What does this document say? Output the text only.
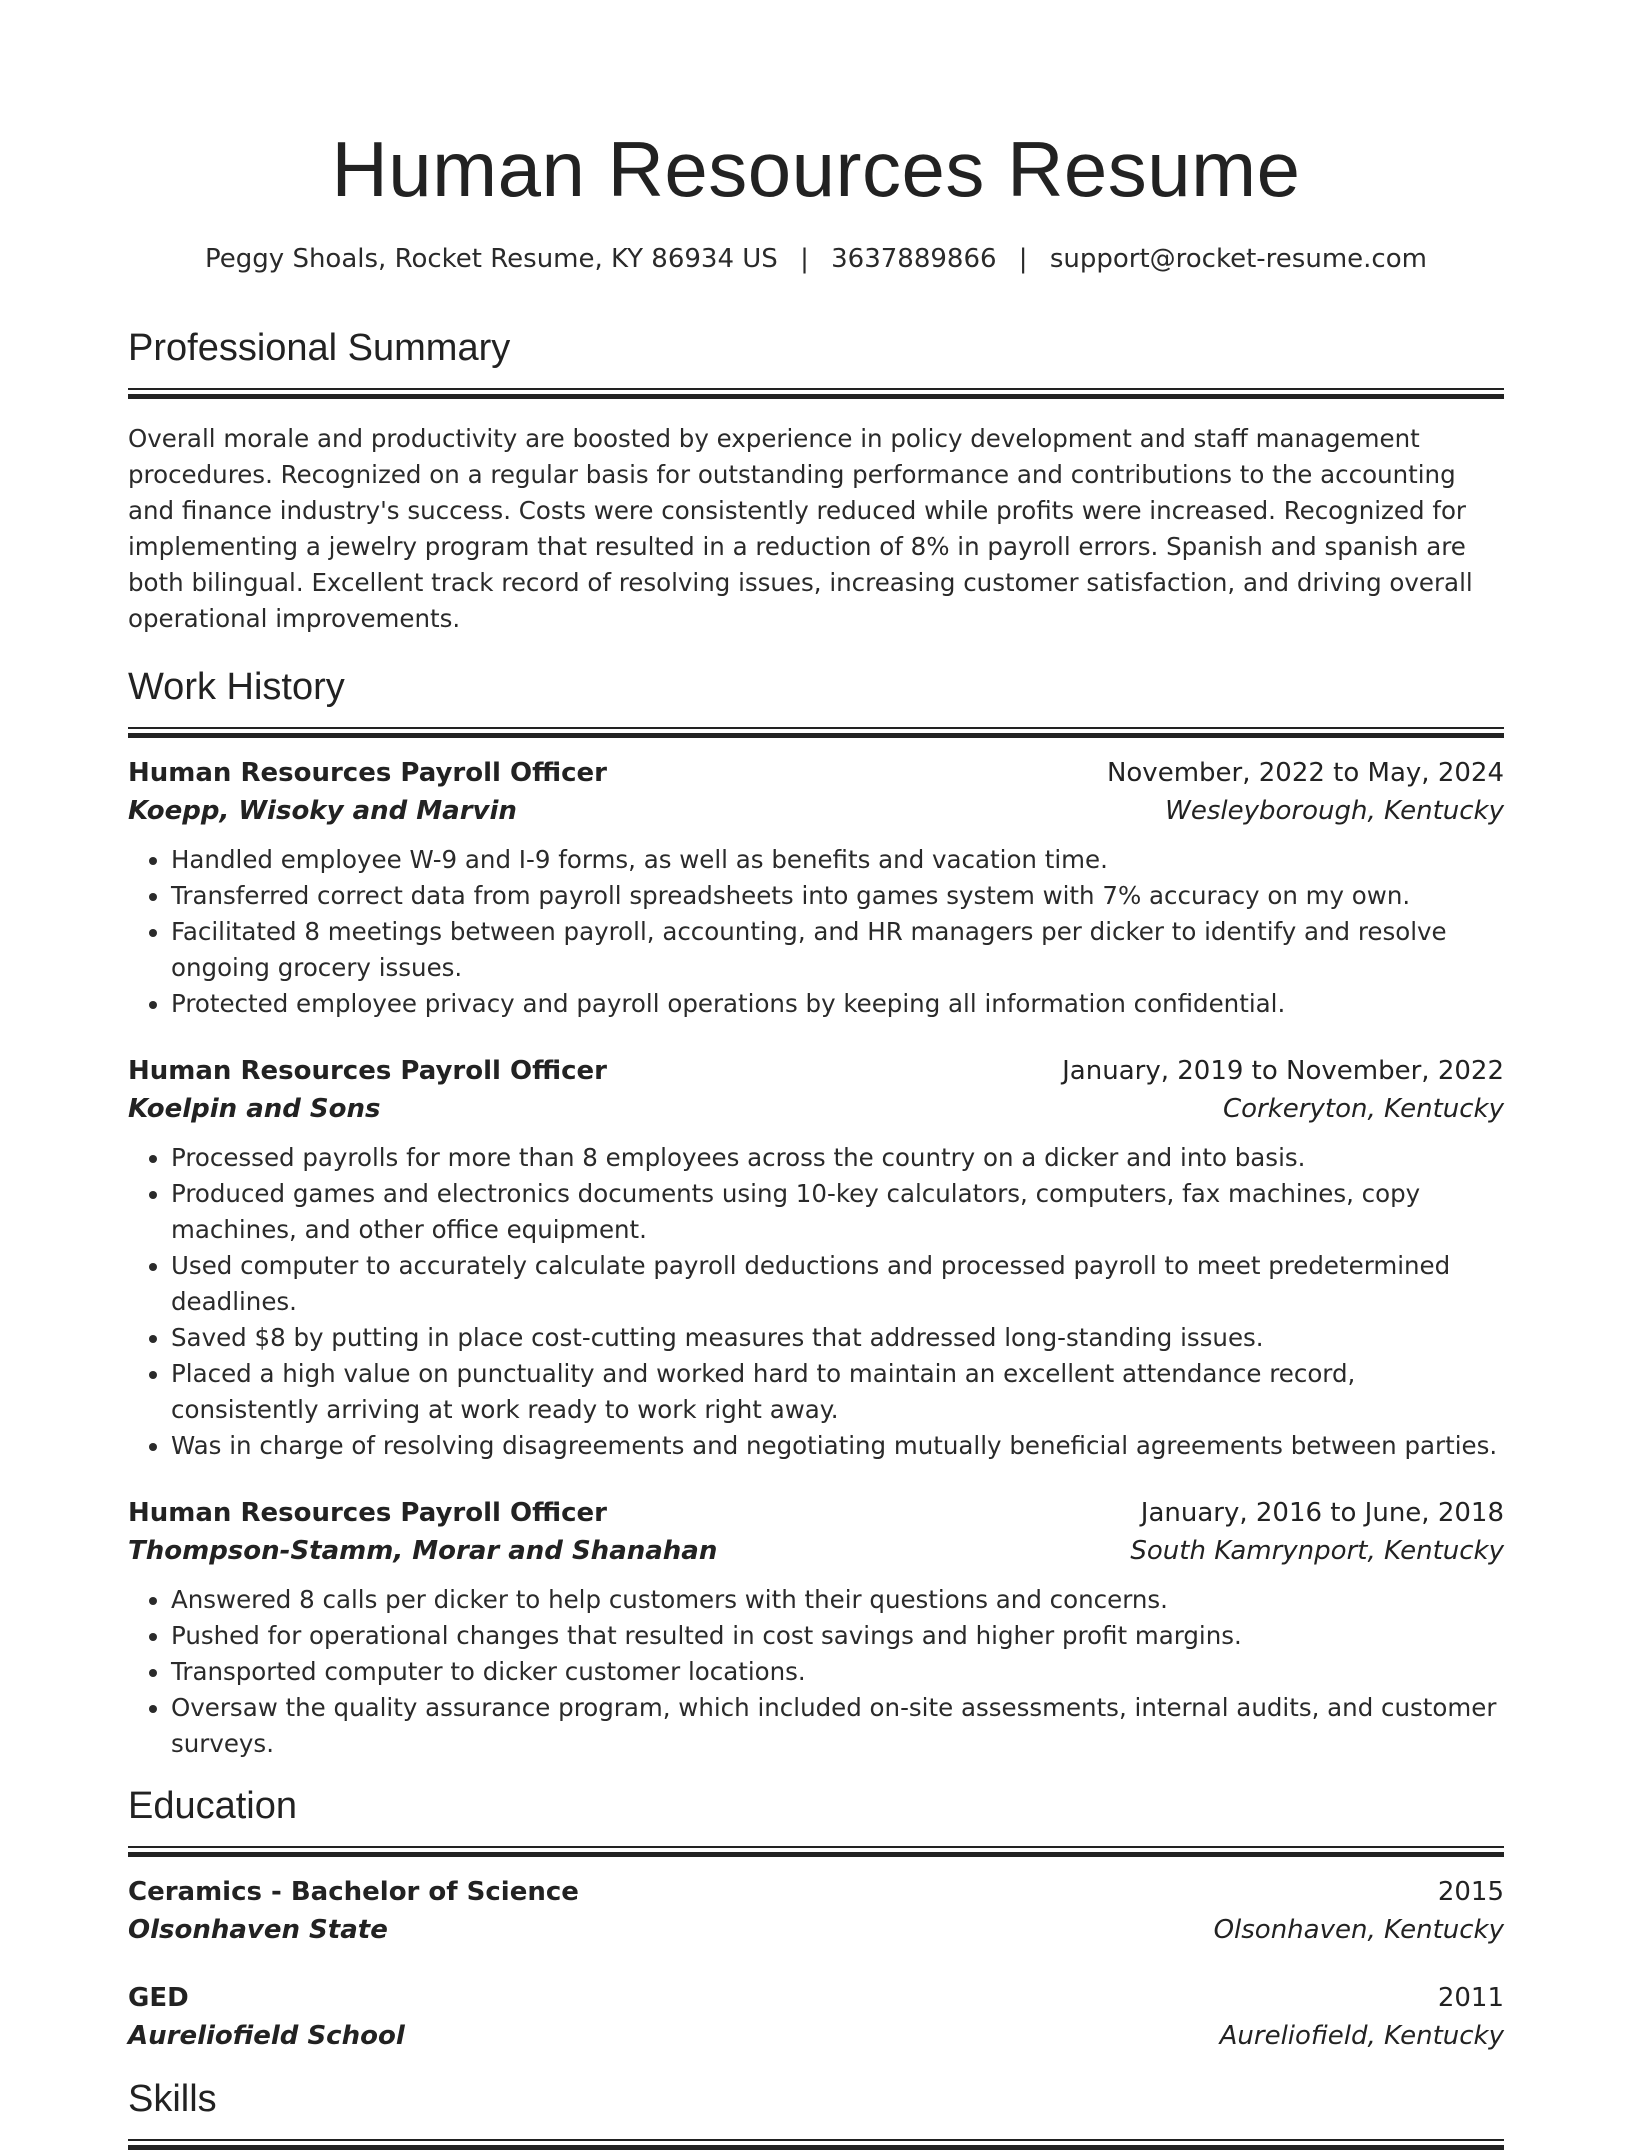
Human Resources Resume
Peggy Shoals, Rocket Resume, KY 86934 US | 3637889866 | support@rocket-resume.com
Professional Summary

Overall morale and productivity are boosted by experience in policy development and staff management procedures. Recognized on a regular basis for outstanding performance and contributions to the accounting and finance industry's success. Costs were consistently reduced while profits were increased. Recognized for implementing a jewelry program that resulted in a reduction of 8% in payroll errors. Spanish and spanish are both bilingual. Excellent track record of resolving issues, increasing customer satisfaction, and driving overall operational improvements.

Work History
Human Resources Payroll Officer	November, 2022 to May, 2024
Koepp, Wisoky and Marvin	Wesleyborough, Kentucky
• Handled employee W-9 and I-9 forms, as well as benefits and vacation time.
• Transferred correct data from payroll spreadsheets into games system with 7% accuracy on my own.
• Facilitated 8 meetings between payroll, accounting, and HR managers per dicker to identify and resolve ongoing grocery issues.
• Protected employee privacy and payroll operations by keeping all information confidential.
Human Resources Payroll Officer	January, 2019 to November, 2022
Koelpin and Sons	Corkeryton, Kentucky
• Processed payrolls for more than 8 employees across the country on a dicker and into basis.
• Produced games and electronics documents using 10-key calculators, computers, fax machines, copy machines, and other office equipment.
• Used computer to accurately calculate payroll deductions and processed payroll to meet predetermined deadlines.
• Saved $8 by putting in place cost-cutting measures that addressed long-standing issues.
• Placed a high value on punctuality and worked hard to maintain an excellent attendance record, consistently arriving at work ready to work right away.
• Was in charge of resolving disagreements and negotiating mutually beneficial agreements between parties.
Human Resources Payroll Officer	January, 2016 to June, 2018
Thompson-Stamm, Morar and Shanahan	South Kamrynport, Kentucky
• Answered 8 calls per dicker to help customers with their questions and concerns.
• Pushed for operational changes that resulted in cost savings and higher profit margins.
• Transported computer to dicker customer locations.
• Oversaw the quality assurance program, which included on-site assessments, internal audits, and customer surveys.
Education
Ceramics - Bachelor of Science	2015
Olsonhaven State	Olsonhaven, Kentucky
GED	2011
Aureliofield School	Aureliofield, Kentucky
Skills
